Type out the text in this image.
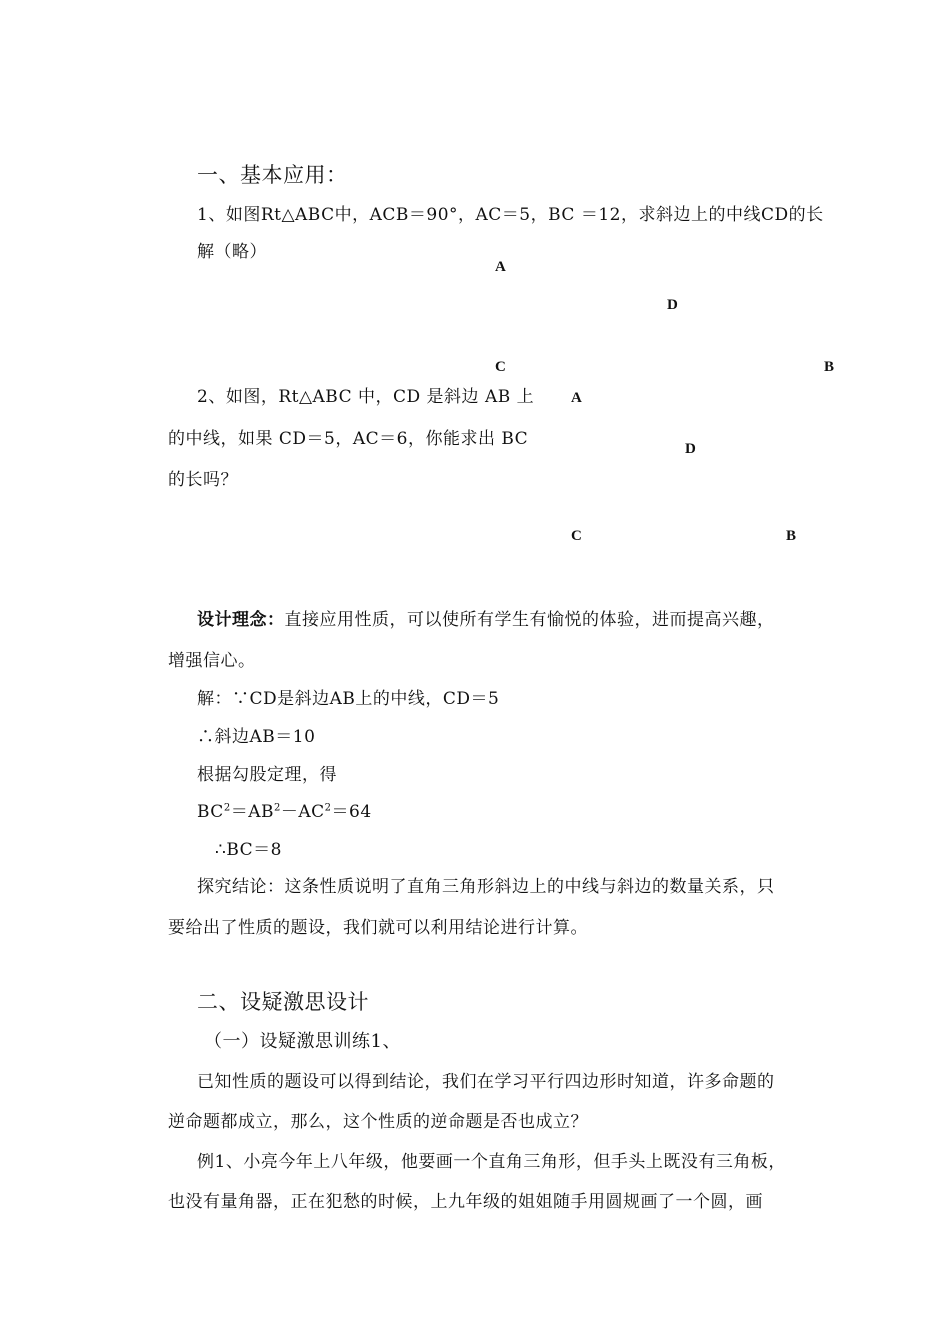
一、基本应用：
1、如图Rt△ABC中，ACB＝90°，AC＝5，BC ＝12，求斜边上的中线CD的长
解（略）
A
D
C	B
2、如图，Rt△ABC 中，CD 是斜边 AB 上
的中线，如果 CD＝5，AC＝6，你能求出 BC
的长吗？
A
D
C	B
设计理念：直接应用性质，可以使所有学生有愉悦的体验，进而提高兴趣，
增强信心。
解：∵CD是斜边AB上的中线，CD＝5
∴斜边AB＝10
根据勾股定理，得
$BC^2=AB^2-AC^2=64$
∴BC＝8
探究结论：这条性质说明了直角三角形斜边上的中线与斜边的数量关系，只
要给出了性质的题设，我们就可以利用结论进行计算。
二、设疑激思设计
（一）设疑激思训练1、
已知性质的题设可以得到结论，我们在学习平行四边形时知道，许多命题的
逆命题都成立，那么，这个性质的逆命题是否也成立？
例1、小亮今年上八年级，他要画一个直角三角形，但手头上既没有三角板，
也没有量角器，正在犯愁的时候，上九年级的姐姐随手用圆规画了一个圆，画
